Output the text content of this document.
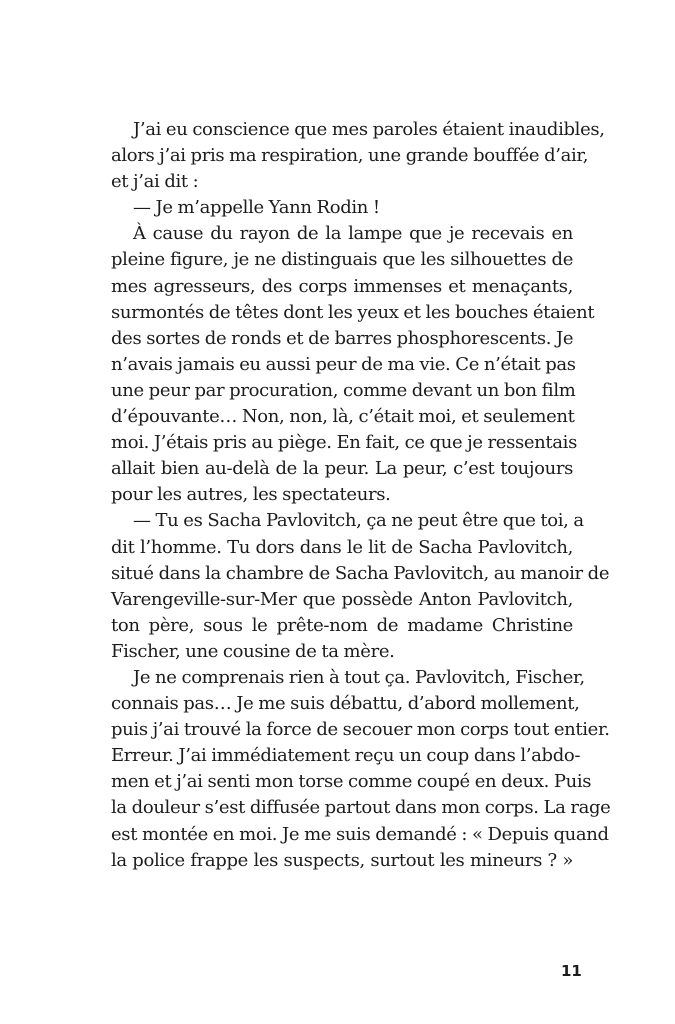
J’ai eu conscience que mes paroles étaient inaudibles,
alors j’ai pris ma respiration, une grande bouffée d’air,
et j’ai dit :
— Je m’appelle Yann Rodin !
À cause du rayon de la lampe que je recevais en
pleine figure, je ne distinguais que les silhouettes de
mes agresseurs, des corps immenses et menaçants,
surmontés de têtes dont les yeux et les bouches étaient
des sortes de ronds et de barres phosphorescents. Je
n’avais jamais eu aussi peur de ma vie. Ce n’était pas
une peur par procuration, comme devant un bon film
d’épouvante… Non, non, là, c’était moi, et seulement
moi. J’étais pris au piège. En fait, ce que je ressentais
allait bien au-delà de la peur. La peur, c’est toujours
pour les autres, les spectateurs.
— Tu es Sacha Pavlovitch, ça ne peut être que toi, a
dit l’homme. Tu dors dans le lit de Sacha Pavlovitch,
situé dans la chambre de Sacha Pavlovitch, au manoir de
Varengeville-sur-Mer que possède Anton Pavlovitch,
ton père, sous le prête-nom de madame Christine
Fischer, une cousine de ta mère.
Je ne comprenais rien à tout ça. Pavlovitch, Fischer,
connais pas… Je me suis débattu, d’abord mollement,
puis j’ai trouvé la force de secouer mon corps tout entier.
Erreur. J’ai immédiatement reçu un coup dans l’abdo-
men et j’ai senti mon torse comme coupé en deux. Puis
la douleur s’est diffusée partout dans mon corps. La rage
est montée en moi. Je me suis demandé : « Depuis quand
la police frappe les suspects, surtout les mineurs ? »
11
